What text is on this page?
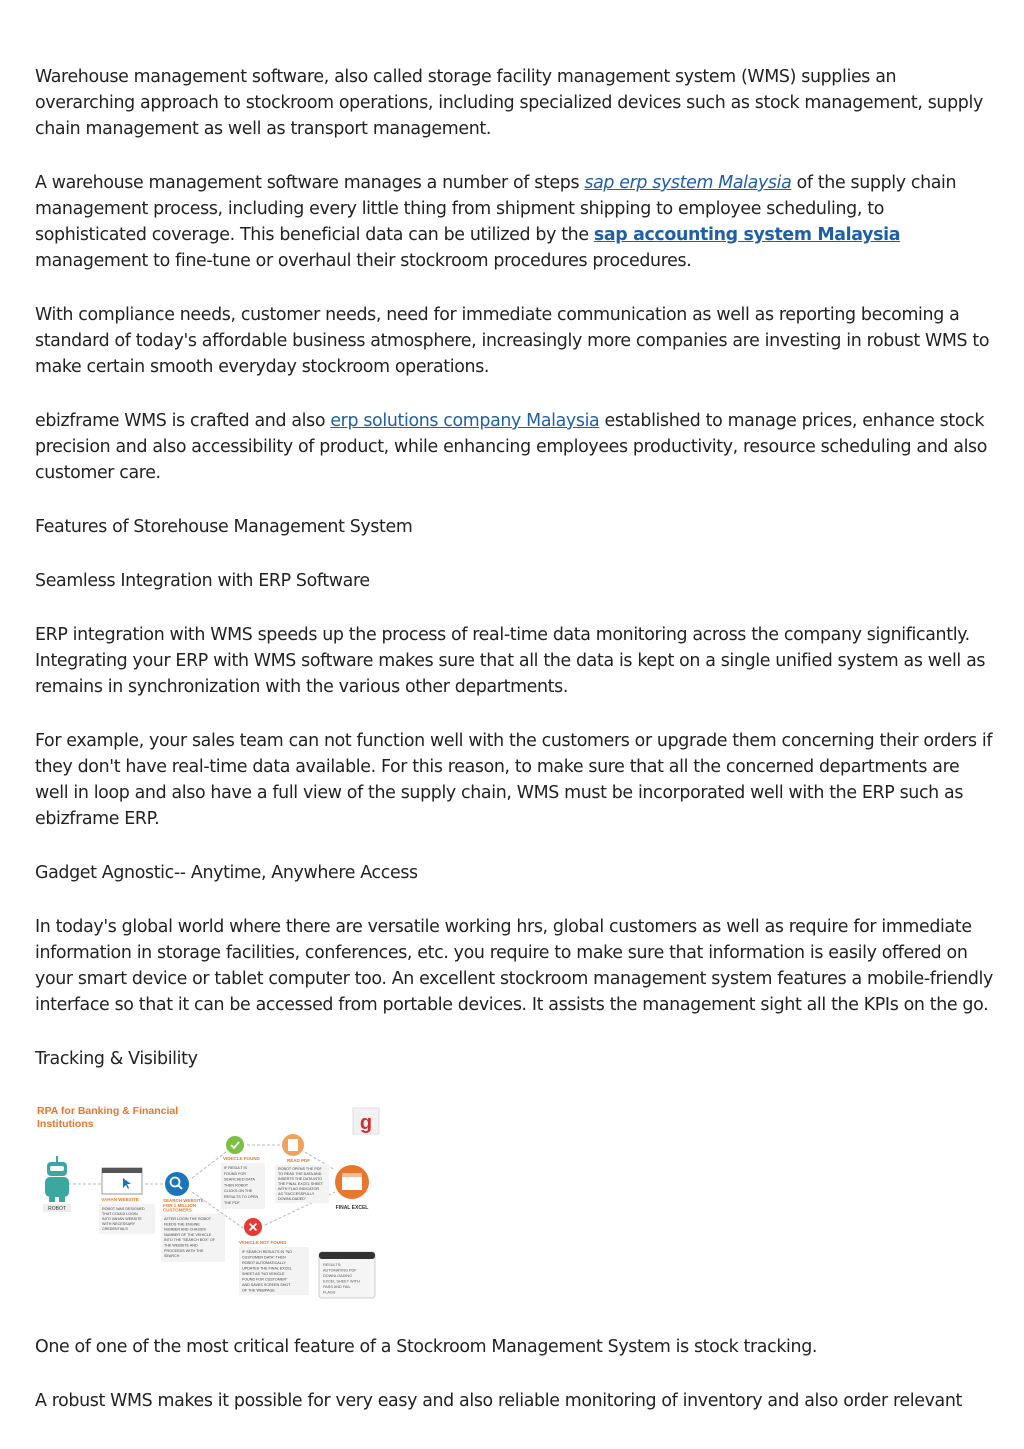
Warehouse management software, also called storage facility management system (WMS) supplies an overarching approach to stockroom operations, including specialized devices such as stock management, supply chain management as well as transport management.

A warehouse management software manages a number of steps sap erp system Malaysia of the supply chain management process, including every little thing from shipment shipping to employee scheduling, to sophisticated coverage. This beneficial data can be utilized by the sap accounting system Malaysia management to fine-tune or overhaul their stockroom procedures procedures.

With compliance needs, customer needs, need for immediate communication as well as reporting becoming a standard of today's affordable business atmosphere, increasingly more companies are investing in robust WMS to make certain smooth everyday stockroom operations.

ebizframe WMS is crafted and also erp solutions company Malaysia established to manage prices, enhance stock precision and also accessibility of product, while enhancing employees productivity, resource scheduling and also customer care.

Features of Storehouse Management System

Seamless Integration with ERP Software

ERP integration with WMS speeds up the process of real-time data monitoring across the company significantly. Integrating your ERP with WMS software makes sure that all the data is kept on a single unified system as well as remains in synchronization with the various other departments.

For example, your sales team can not function well with the customers or upgrade them concerning their orders if they don't have real-time data available. For this reason, to make sure that all the concerned departments are well in loop and also have a full view of the supply chain, WMS must be incorporated well with the ERP such as ebizframe ERP.

Gadget Agnostic-- Anytime, Anywhere Access

In today's global world where there are versatile working hrs, global customers as well as require for immediate information in storage facilities, conferences, etc. you require to make sure that information is easily offered on your smart device or tablet computer too. An excellent stockroom management system features a mobile-friendly interface so that it can be accessed from portable devices. It assists the management sight all the KPIs on the go.

Tracking & Visibility

RPA for Banking & Financial
Institutions	g
ROBOT
VAHAN WEBSITE
ROBOT WAS DESIGNED
THAT COULD LOGIN
INTO VAHAN WEBSITE
WITH NECESSARY
CREDENTIALS
SEARCH WEBSITE
FOR 1 MILLION
CUSTOMERS
AFTER LOGIN THE ROBOT
FEEDS THE ENGINE
NUMBER AND CHASSIS
NUMBER OF THE VEHICLE
INTO THE "SEARCH BOX" OF
THE WEBSITE AND
PROCEEDS WITH THE
SEARCH
VEHICLE FOUND
IF RESULT IS
FOUND FOR
SEARCHED DATA
THEN ROBOT
CLICKS ON THE
RESULTS TO OPEN
THE PDF
READ PDF
ROBOT OPENS THE PDF
TO READ THE DATA AND
INSERTS THE DATA INTO
THE FINAL EXCEL SHEET
WITH FLAG INDICATOR
AS "SUCCESSFULLY
DOWNLOADED"
FINAL EXCEL
VEHICLE NOT FOUND
IF SEARCH RESULTS IN "NO
CUSTOMER DATA" THEN
ROBOT AUTOMATICALLY
UPDATES THE FINAL EXCEL
SHEET AS "NO VEHICLE
FOUND FOR CUSTOMER"
AND SAVES SCREEN SHOT
OF THE WEBPAGE
RESULTS:
AUTOMATING PDF
DOWNLOADING
EXCEL SHEET WITH
PASS AND FAIL
FLAGS

One of one of the most critical feature of a Stockroom Management System is stock tracking.

A robust WMS makes it possible for very easy and also reliable monitoring of inventory and also order relevant
